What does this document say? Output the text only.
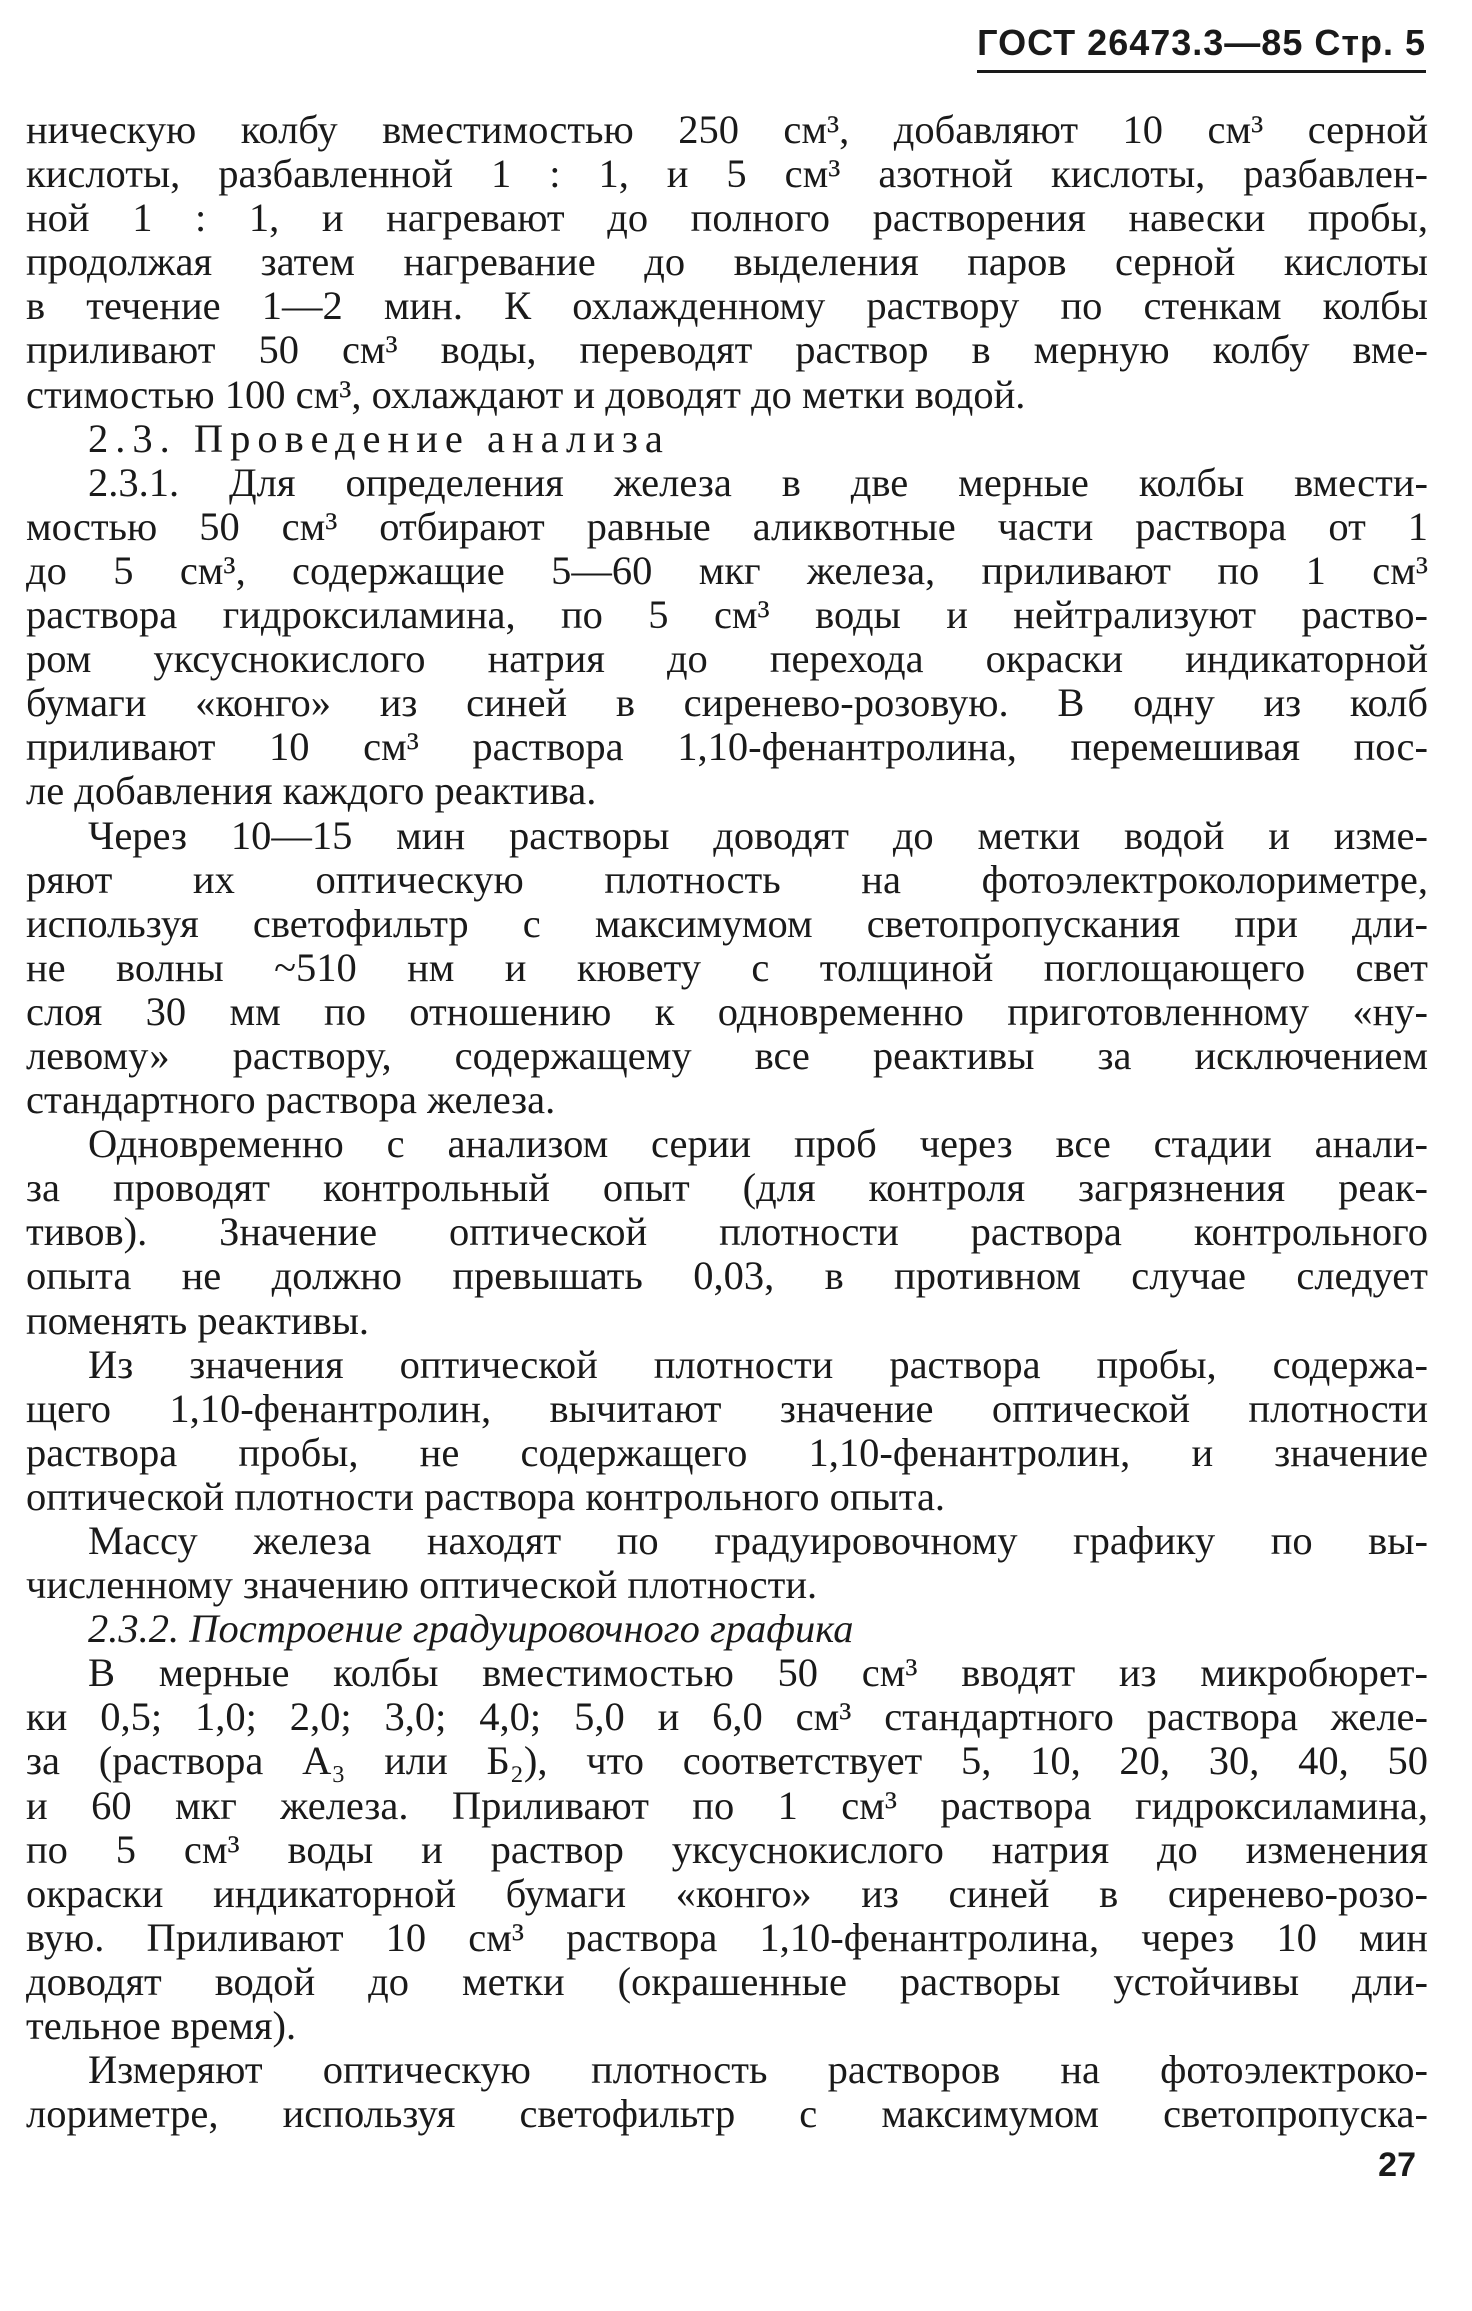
ГОСТ 26473.3—85 Стр. 5
ническую колбу вместимостью 250 см³, добавляют 10 см³ серной
кислоты, разбавленной 1 : 1, и 5 см³ азотной кислоты, разбавлен-
ной 1 : 1, и нагревают до полного растворения навески пробы,
продолжая затем нагревание до выделения паров серной кислоты
в течение 1—2 мин. К охлажденному раствору по стенкам колбы
приливают 50 см³ воды, переводят раствор в мерную колбу вме-
стимостью 100 см³, охлаждают и доводят до метки водой.
2.3. Проведение анализа
2.3.1. Для определения железа в две мерные колбы вмести-
мостью 50 см³ отбирают равные аликвотные части раствора от 1
до 5 см³, содержащие 5—60 мкг железа, приливают по 1 см³
раствора гидроксиламина, по 5 см³ воды и нейтрализуют раство-
ром уксуснокислого натрия до перехода окраски индикаторной
бумаги «конго» из синей в сиренево-розовую. В одну из колб
приливают 10 см³ раствора 1,10-фенантролина, перемешивая пос-
ле добавления каждого реактива.
Через 10—15 мин растворы доводят до метки водой и изме-
ряют их оптическую плотность на фотоэлектроколориметре,
используя светофильтр с максимумом светопропускания при дли-
не волны ~510 нм и кювету с толщиной поглощающего свет
слоя 30 мм по отношению к одновременно приготовленному «ну-
левому» раствору, содержащему все реактивы за исключением
стандартного раствора железа.
Одновременно с анализом серии проб через все стадии анали-
за проводят контрольный опыт (для контроля загрязнения реак-
тивов). Значение оптической плотности раствора контрольного
опыта не должно превышать 0,03, в противном случае следует
поменять реактивы.
Из значения оптической плотности раствора пробы, содержа-
щего 1,10-фенантролин, вычитают значение оптической плотности
раствора пробы, не содержащего 1,10-фенантролин, и значение
оптической плотности раствора контрольного опыта.
Массу железа находят по градуировочному графику по вы-
численному значению оптической плотности.
2.3.2. Построение градуировочного графика
В мерные колбы вместимостью 50 см³ вводят из микробюрет-
ки 0,5; 1,0; 2,0; 3,0; 4,0; 5,0 и 6,0 см³ стандартного раствора желе-
за (раствора А₃ или Б₂), что соответствует 5, 10, 20, 30, 40, 50
и 60 мкг железа. Приливают по 1 см³ раствора гидроксиламина,
по 5 см³ воды и раствор уксуснокислого натрия до изменения
окраски индикаторной бумаги «конго» из синей в сиренево-розо-
вую. Приливают 10 см³ раствора 1,10-фенантролина, через 10 мин
доводят водой до метки (окрашенные растворы устойчивы дли-
тельное время).
Измеряют оптическую плотность растворов на фотоэлектроко-
лориметре, используя светофильтр с максимумом светопропуска-
27
